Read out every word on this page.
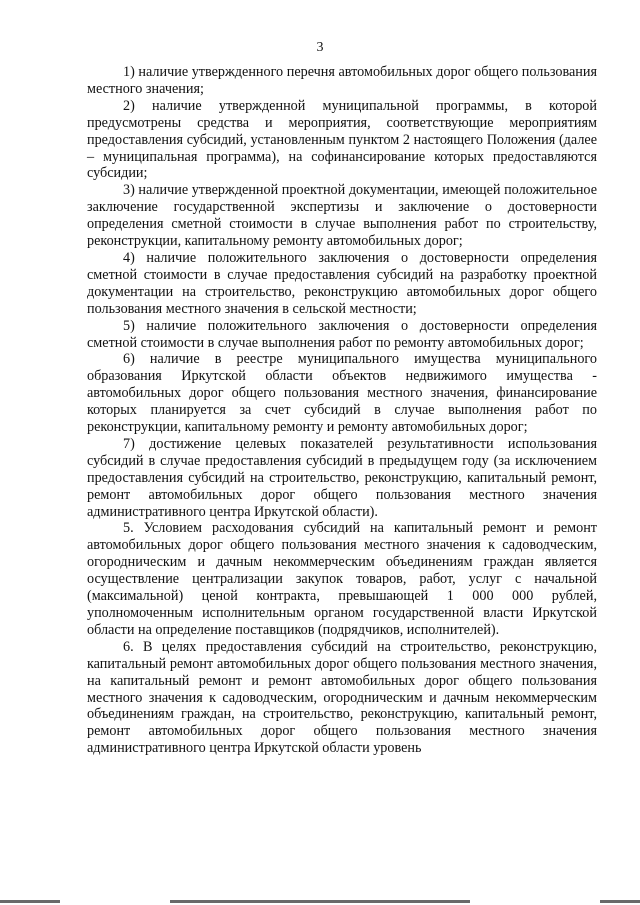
3

1) наличие утвержденного перечня автомобильных дорог общего пользования местного значения;

2) наличие утвержденной муниципальной программы, в которой предусмотрены средства и мероприятия, соответствующие мероприятиям предоставления субсидий, установленным пунктом 2 настоящего Положения (далее – муниципальная программа), на софинансирование которых предоставляются субсидии;

3) наличие утвержденной проектной документации, имеющей положительное заключение государственной экспертизы и заключение о достоверности определения сметной стоимости в случае выполнения работ по строительству, реконструкции, капитальному ремонту автомобильных дорог;

4) наличие положительного заключения о достоверности определения сметной стоимости в случае предоставления субсидий на разработку проектной документации на строительство, реконструкцию автомобильных дорог общего пользования местного значения в сельской местности;

5) наличие положительного заключения о достоверности определения сметной стоимости в случае выполнения работ по ремонту автомобильных дорог;

6) наличие в реестре муниципального имущества муниципального образования Иркутской области объектов недвижимого имущества - автомобильных дорог общего пользования местного значения, финансирование которых планируется за счет субсидий в случае выполнения работ по реконструкции, капитальному ремонту и ремонту автомобильных дорог;

7) достижение целевых показателей результативности использования субсидий в случае предоставления субсидий в предыдущем году (за исключением предоставления субсидий на строительство, реконструкцию, капитальный ремонт, ремонт автомобильных дорог общего пользования местного значения административного центра Иркутской области).

5. Условием расходования субсидий на капитальный ремонт и ремонт автомобильных дорог общего пользования местного значения к садоводческим, огородническим и дачным некоммерческим объединениям граждан является осуществление централизации закупок товаров, работ, услуг с начальной (максимальной) ценой контракта, превышающей 1 000 000 рублей, уполномоченным исполнительным органом государственной власти Иркутской области на определение поставщиков (подрядчиков, исполнителей).

6. В целях предоставления субсидий на строительство, реконструкцию, капитальный ремонт автомобильных дорог общего пользования местного значения, на капитальный ремонт и ремонт автомобильных дорог общего пользования местного значения к садоводческим, огородническим и дачным некоммерческим объединениям граждан, на строительство, реконструкцию, капитальный ремонт, ремонт автомобильных дорог общего пользования местного значения административного центра Иркутской области уровень
